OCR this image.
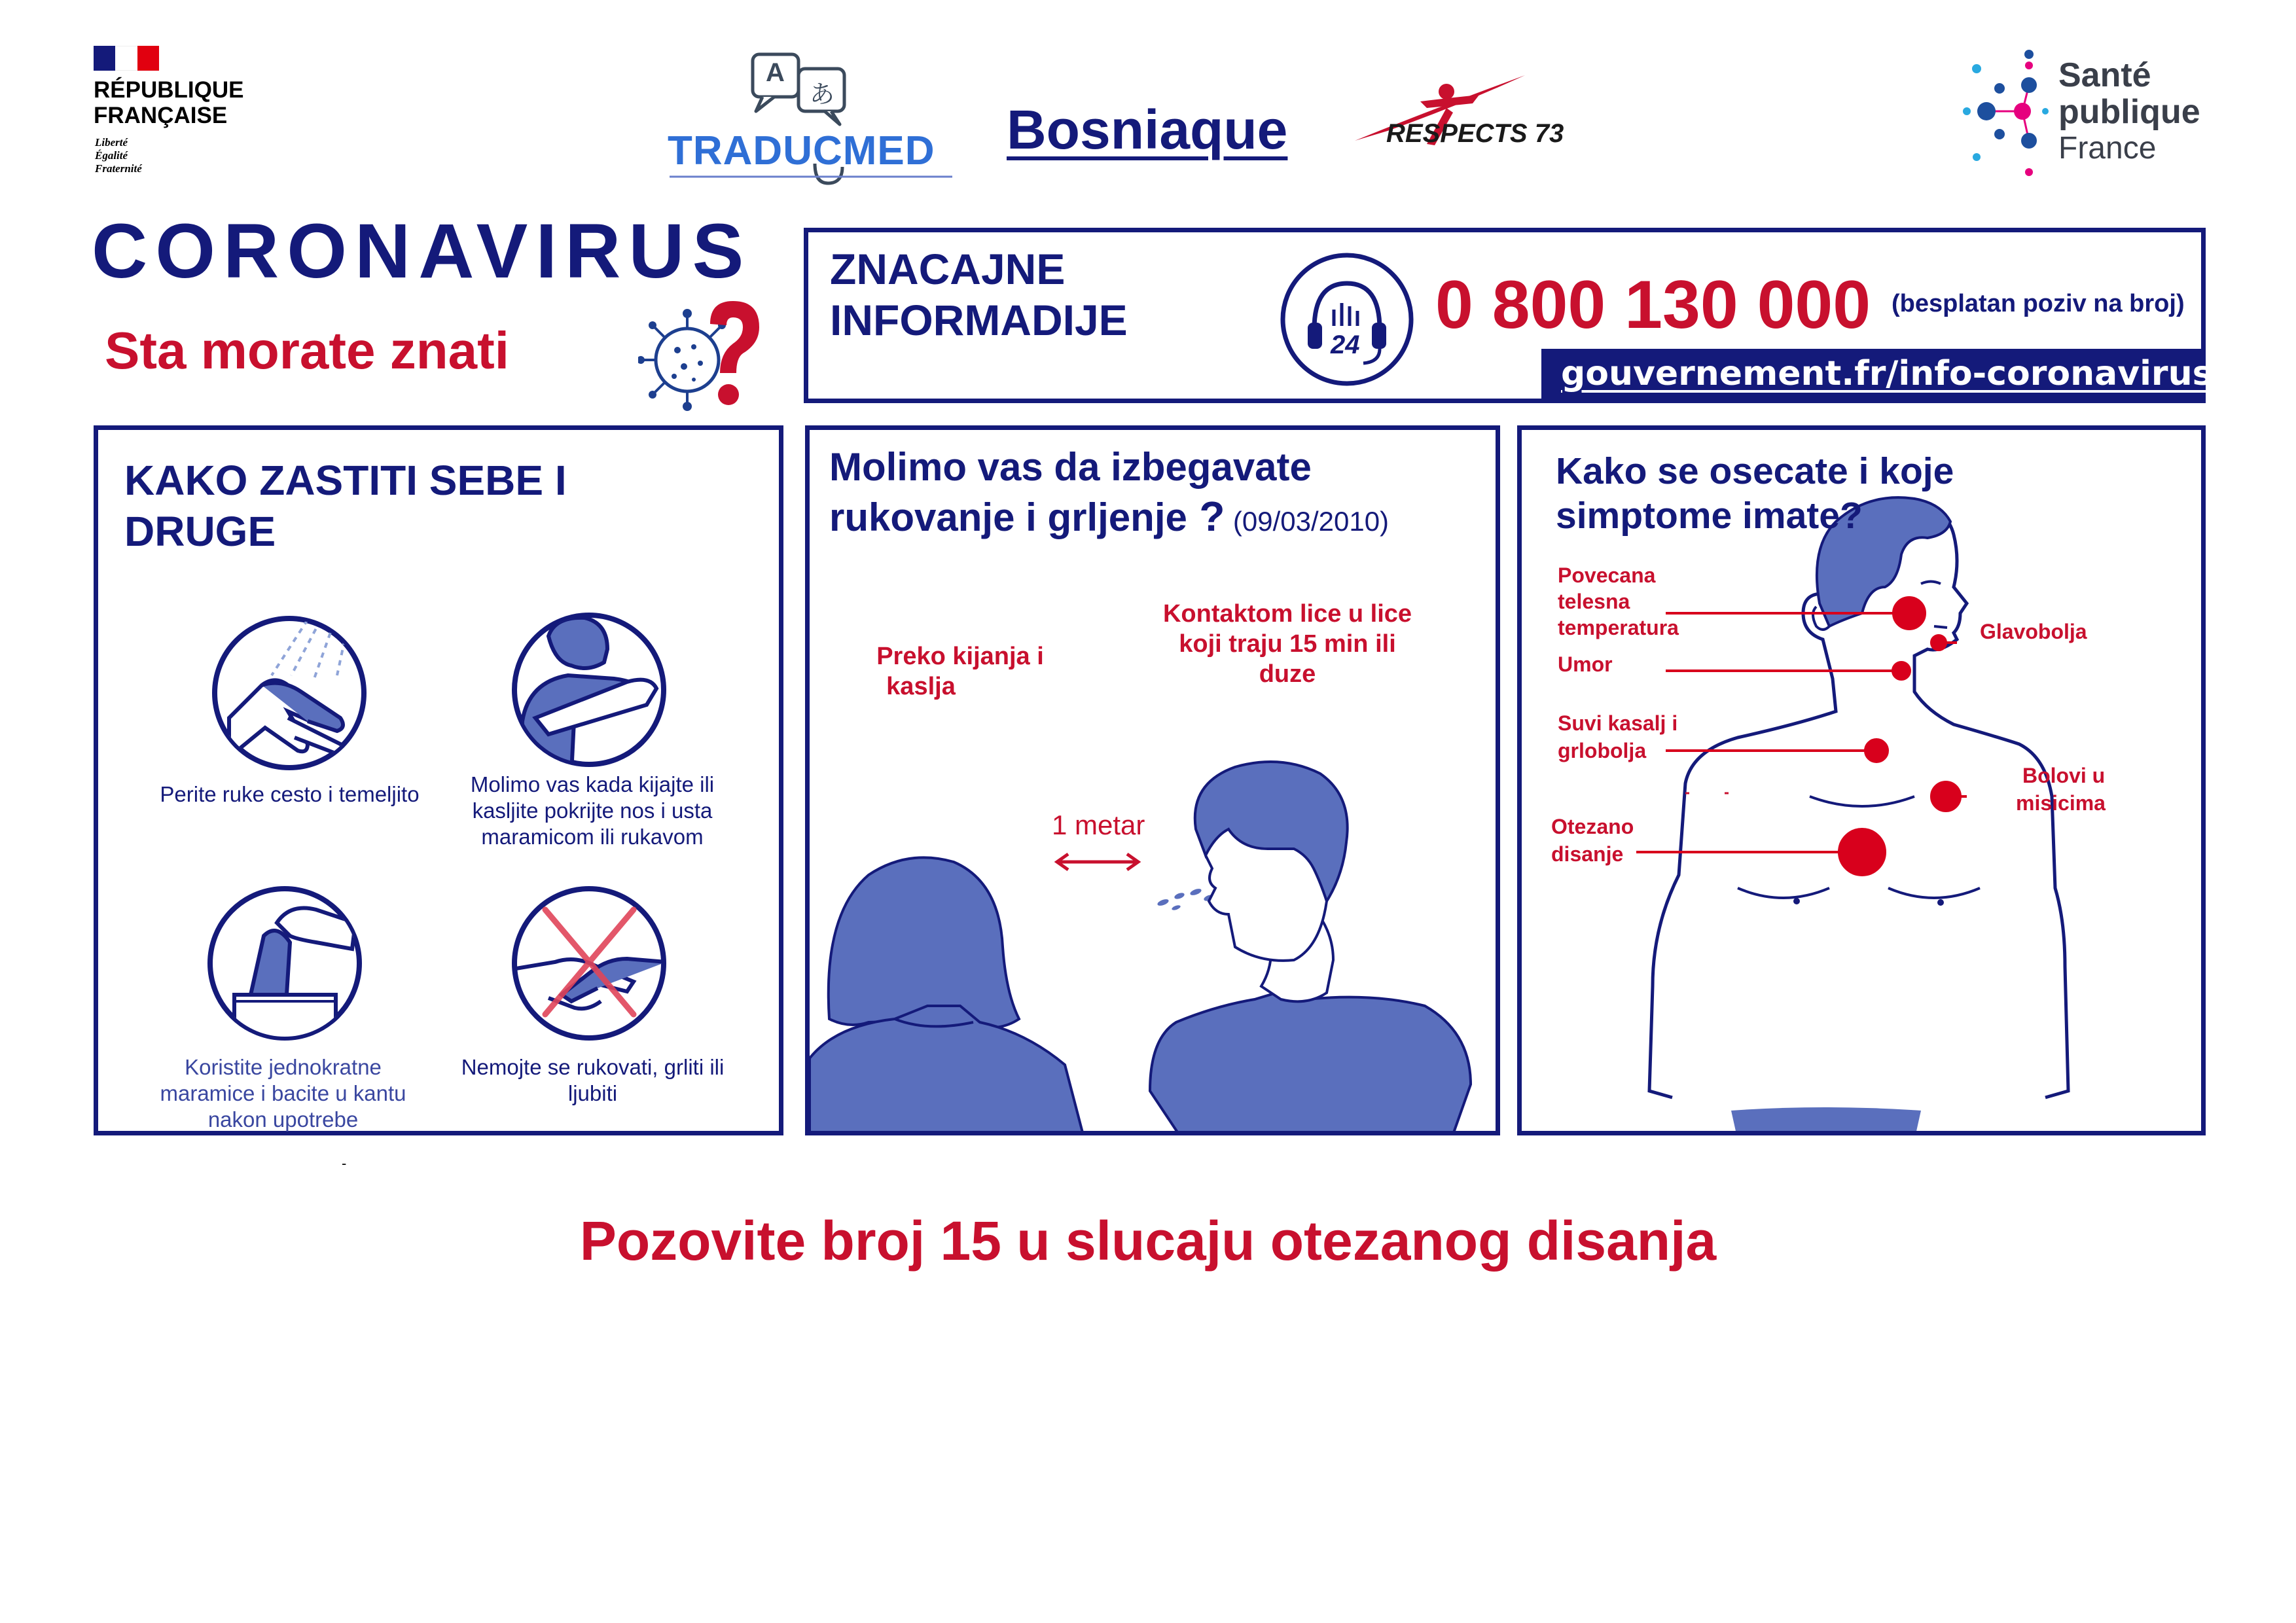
RÉPUBLIQUE
FRANÇAISE
Liberté
Égalité
Fraternité
A
あ
TRADUCMED Bosniaque	RESPECTS 73
Santé
publique
France
CORONAVIRUS
Sta morate znati
ZNACAJNE
INFORMADIJE
24
0 800 130 000 (besplatan poziv na broj)
gouvernement.fr/info-coronavirus
KAKO ZASTITI SEBE I
DRUGE
Perite ruke cesto i temeljito	Molimo vas kada kijajte ili
kasljite pokrijte nos i usta
maramicom ili rukavom
Koristite jednokratne
maramice i bacite u kantu
nakon upotrebe
Nemojte se rukovati, grliti ili
ljubiti
-
Molimo vas da izbegavate
rukovanje i grljenje ? (09/03/2010)
Preko kijanja i
kaslja
Kontaktom lice u lice
koji traju 15 min ili
duze
1 metar
Kako se osecate i koje
simptome imate?
Povecana
telesna
temperatura	Glavobolja
Umor
Suvi kasalj i
grlobolja
Bolovi u
misicima
Otezano
disanje
Pozovite broj 15 u slucaju otezanog disanja
